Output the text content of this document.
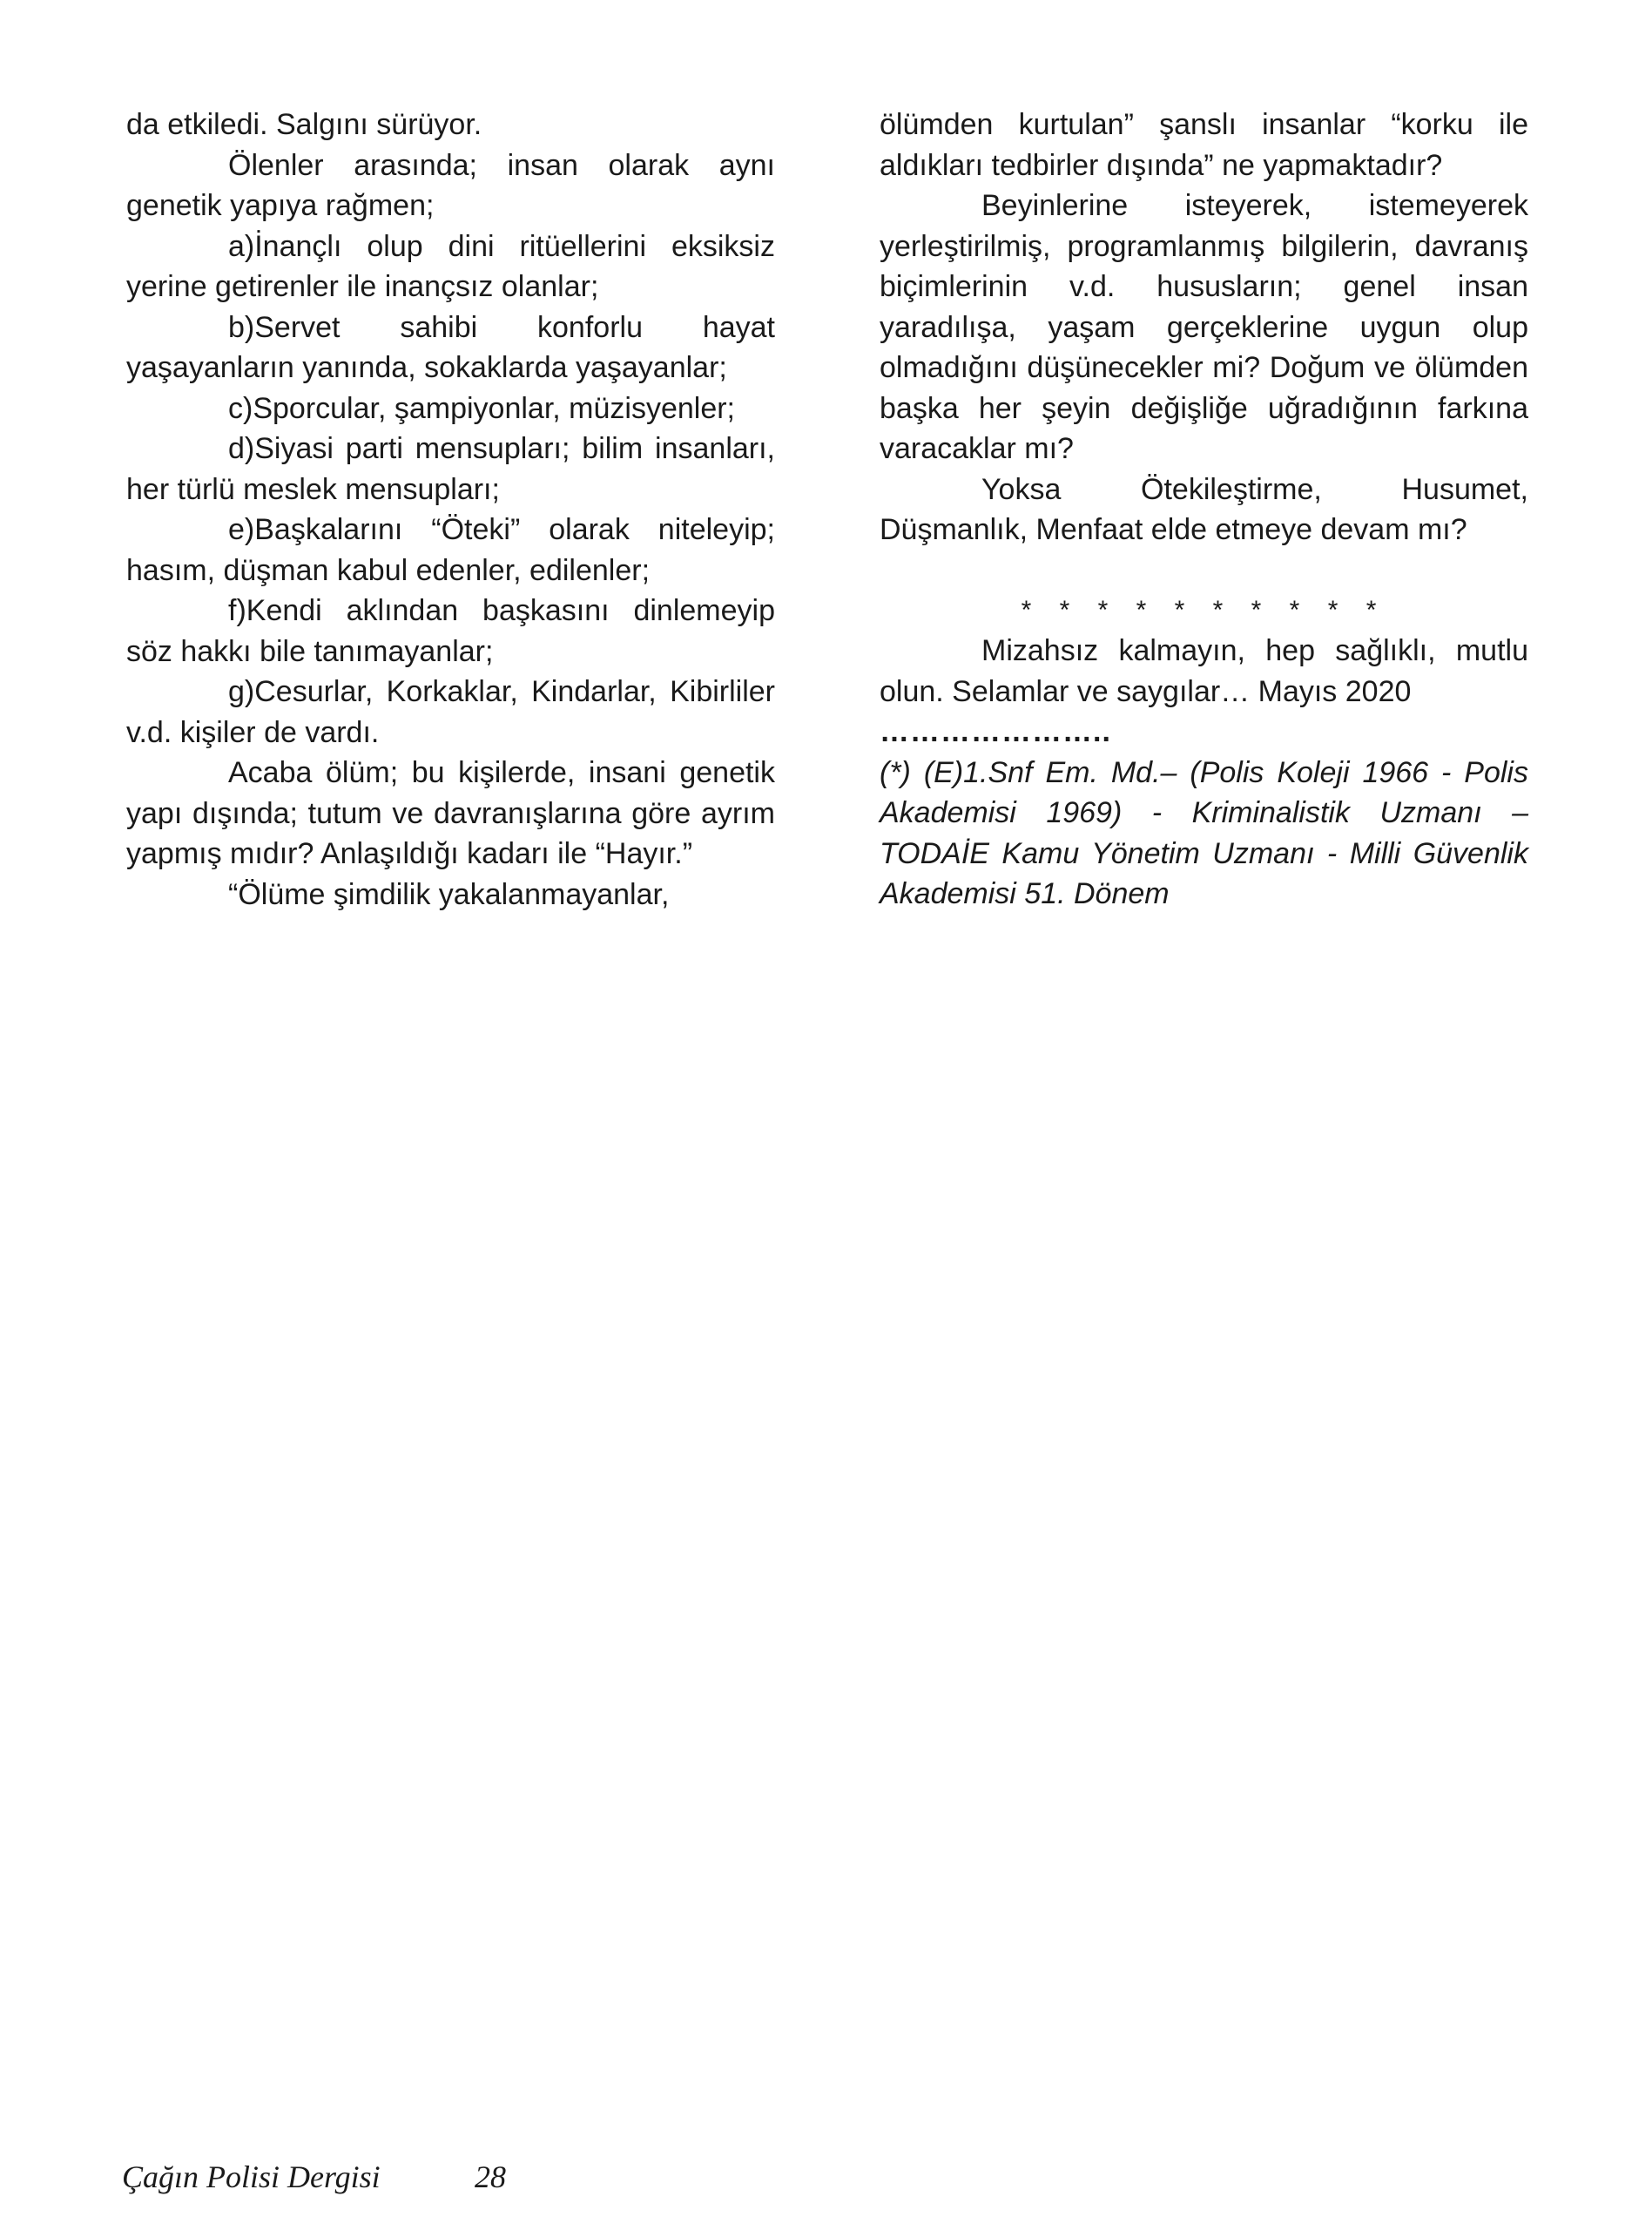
da etkiledi. Salgını sürüyor.

Ölenler arasında; insan olarak aynı genetik yapıya rağmen;

a)İnançlı olup dini ritüellerini eksiksiz yerine getirenler ile inançsız olanlar;

b)Servet sahibi konforlu hayat yaşayanların yanında, sokaklarda yaşayanlar;

c)Sporcular, şampiyonlar, müzisyenler;

d)Siyasi parti mensupları; bilim insanları, her türlü meslek mensupları;

e)Başkalarını “Öteki” olarak niteleyip; hasım, düşman kabul edenler, edilenler;

f)Kendi aklından başkasını dinlemeyip söz hakkı bile tanımayanlar;

g)Cesurlar, Korkaklar, Kindarlar, Kibirliler v.d. kişiler de vardı.

Acaba ölüm; bu kişilerde, insani genetik yapı dışında; tutum ve davranışlarına göre ayrım yapmış mıdır? Anlaşıldığı kadarı ile “Hayır.”

“Ölüme şimdilik yakalanmayanlar,

ölümden kurtulan” şanslı insanlar “korku ile aldıkları tedbirler dışında” ne yapmaktadır?

Beyinlerine isteyerek, istemeyerek yerleştirilmiş, programlanmış bilgilerin, davranış biçimlerinin v.d. hususların; genel insan yaradılışa, yaşam gerçeklerine uygun olup olmadığını düşünecekler mi? Doğum ve ölümden başka her şeyin değişliğe uğradığının farkına varacaklar mı?

Yoksa Ötekileştirme, Husumet, Düşmanlık, Menfaat elde etmeye devam mı?

* * * * * * * * * *

Mizahsız kalmayın, hep sağlıklı, mutlu olun. Selamlar ve saygılar… Mayıs 2020

…………………..

(*) (E)1.Snf Em. Md.– (Polis Koleji 1966 - Polis Akademisi 1969) - Kriminalistik Uzmanı – TODAİE Kamu Yönetim Uzmanı - Milli Güvenlik Akademisi 51. Dönem

Çağın Polisi Dergisi	28
